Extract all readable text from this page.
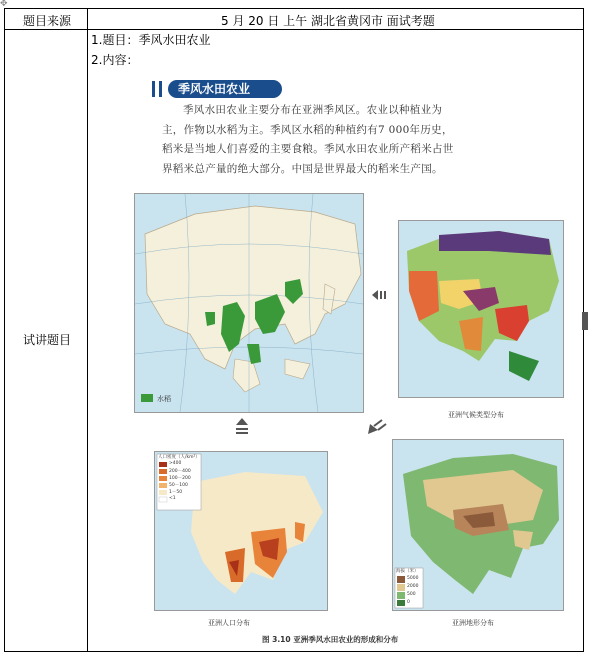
✥
题目来源	5 月 20 日 上午 湖北省黄冈市 面试考题
试讲题目
1.题目：季风水田农业
2.内容：
季风水田农业
季风水田农业主要分布在亚洲季风区。农业以种植业为主，作物以水稻为主。季风区水稻的种植约有7 000年历史，稻米是当地人们喜爱的主要食粮。季风水田农业所产稻米占世界稻米总产量的绝大部分。中国是世界最大的稻米生产国。
水稻
亚洲气候类型分布
人口密度（人/km²）
>400
200－400
100－200
50－100
1－50
<1
亚洲人口分布
海拔（米）
5000
2000
500
0
亚洲地形分布
图 3.10 亚洲季风水田农业的形成和分布
